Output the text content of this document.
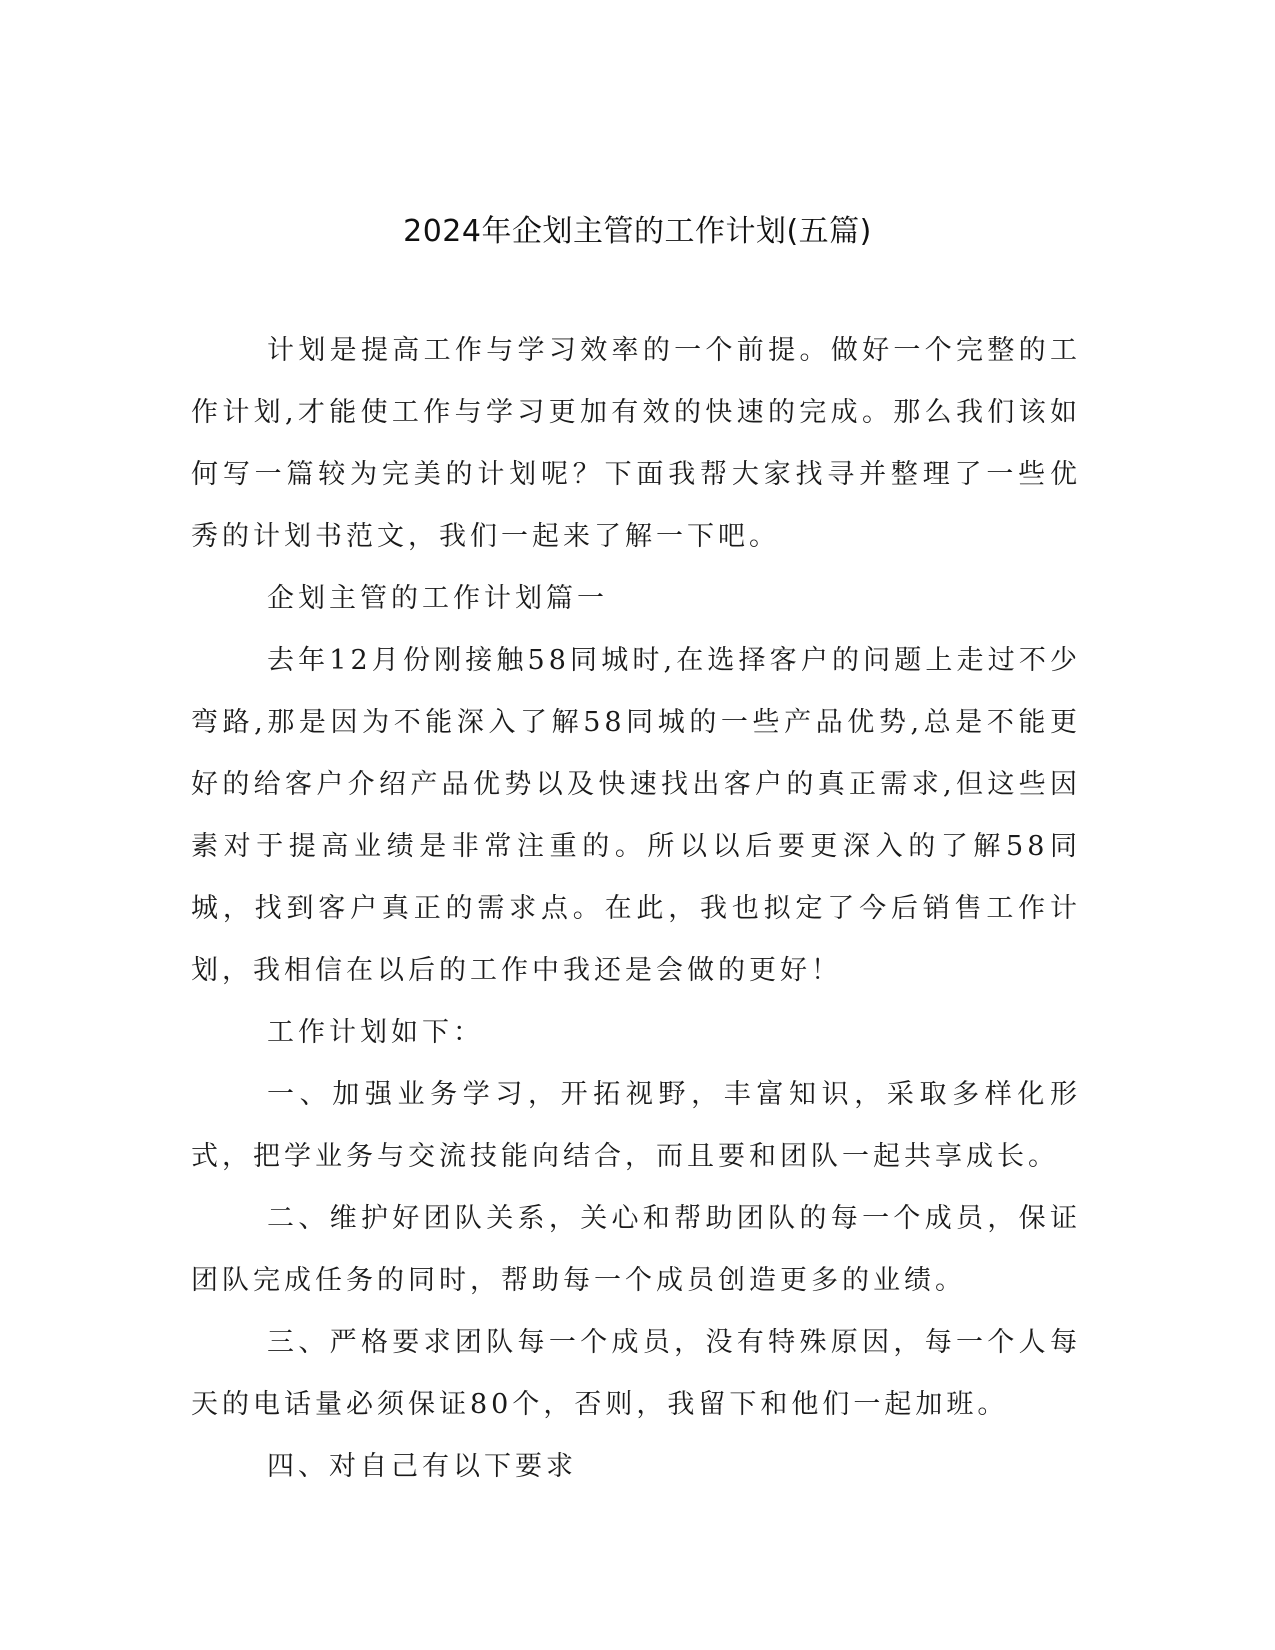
2024年企划主管的工作计划(五篇)

计划是提高工作与学习效率的一个前提。做好一个完整的工作计划,才能使工作与学习更加有效的快速的完成。那么我们该如何写一篇较为完美的计划呢？下面我帮大家找寻并整理了一些优秀的计划书范文，我们一起来了解一下吧。

企划主管的工作计划篇一

去年12月份刚接触58同城时,在选择客户的问题上走过不少弯路,那是因为不能深入了解58同城的一些产品优势,总是不能更好的给客户介绍产品优势以及快速找出客户的真正需求,但这些因素对于提高业绩是非常注重的。所以以后要更深入的了解58同城，找到客户真正的需求点。在此，我也拟定了今后销售工作计划，我相信在以后的工作中我还是会做的更好！

工作计划如下：

一、加强业务学习，开拓视野，丰富知识，采取多样化形式，把学业务与交流技能向结合，而且要和团队一起共享成长。

二、维护好团队关系，关心和帮助团队的每一个成员，保证团队完成任务的同时，帮助每一个成员创造更多的业绩。

三、严格要求团队每一个成员，没有特殊原因，每一个人每天的电话量必须保证80个，否则，我留下和他们一起加班。

四、对自己有以下要求
